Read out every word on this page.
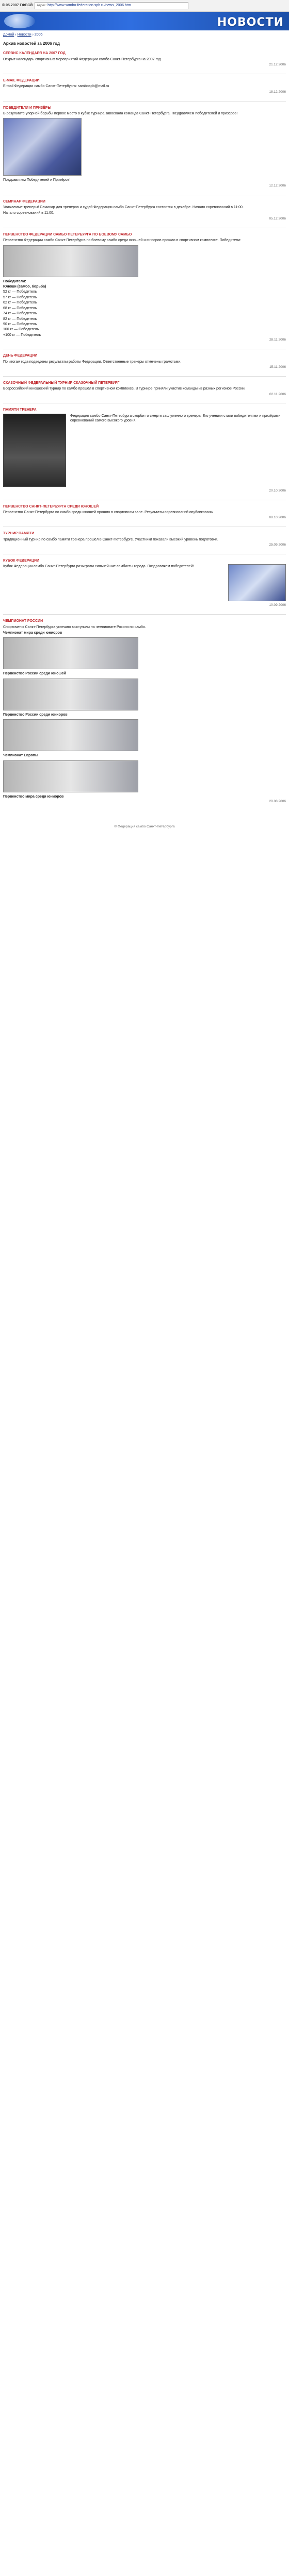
© 05.2007 ГФБСЙ Адрес: http://www.sambo-federation.spb.ru/news_2006.htm
НОВОСТИ
Домой › Новости › 2006
Архив новостей за 2006 год
СЕРВИС КАЛЕНДАРЯ НА 2007 ГОД
Открыт календарь спортивных мероприятий Федерации самбо Санкт-Петербурга на 2007 год.
21.12.2006
E-MAIL ФЕДЕРАЦИИ
E-mail Федерации самбо Санкт-Петербурга: sambospb@mail.ru
18.12.2006
ПОБЕДИТЕЛИ И ПРИЗЁРЫ
В результате упорной борьбы первое место в кубке турнира завоевала команда Санкт-Петербурга. Поздравляем победителей и призёров!
Поздравляем Победителей и Призёров!
12.12.2006
СЕМИНАР ФЕДЕРАЦИИ
Уважаемые тренеры! Семинар для тренеров и судей Федерации самбо Санкт-Петербурга состоится в декабре. Начало соревнований в 11:00.
Начало соревнований в 11:00.
05.12.2006
ПЕРВЕНСТВО ФЕДЕРАЦИИ САМБО ПЕТЕРБУРГА ПО БОЕВОМУ САМБО
Первенство Федерации самбо Санкт-Петербурга по боевому самбо среди юношей и юниоров прошло в спортивном комплексе. Победители:
Победители:
Юноши (самбо, борьба)
52 кг — Победитель
57 кг — Победитель
62 кг — Победитель
68 кг — Победитель
74 кг — Победитель
82 кг — Победитель
90 кг — Победитель
100 кг — Победитель
+100 кг — Победитель
28.11.2006
ДЕНЬ ФЕДЕРАЦИИ
По итогам года подведены результаты работы Федерации. Ответственные тренеры отмечены грамотами.
15.11.2006
СКАЗОЧНЫЙ ФЕДЕРАЛЬНЫЙ ТУРНИР СКАЗОЧНЫЙ ПЕТЕРБУРГ
Всероссийский юношеский турнир по самбо прошёл в спортивном комплексе. В турнире приняли участие команды из разных регионов России.
02.11.2006
ПАМЯТИ ТРЕНЕРА
Федерация самбо Санкт-Петербурга скорбит о смерти заслуженного тренера. Его ученики стали победителями и призёрами соревнований самого высокого уровня.
20.10.2006
ПЕРВЕНСТВО САНКТ-ПЕТЕРБУРГА СРЕДИ ЮНОШЕЙ
Первенство Санкт-Петербурга по самбо среди юношей прошло в спортивном зале. Результаты соревнований опубликованы.
08.10.2006
ТУРНИР ПАМЯТИ
Традиционный турнир по самбо памяти тренера прошёл в Санкт-Петербурге. Участники показали высокий уровень подготовки.
25.09.2006
КУБОК ФЕДЕРАЦИИ
Кубок Федерации самбо Санкт-Петербурга разыграли сильнейшие самбисты города. Поздравляем победителей!
10.09.2006
ЧЕМПИОНАТ РОССИИ
Спортсмены Санкт-Петербурга успешно выступили на чемпионате России по самбо.
Чемпионат мира среди юниоров
Первенство России среди юношей
Первенство России среди юниоров
Чемпионат Европы
Первенство мира среди юниоров
20.08.2006
© Федерация самбо Санкт-Петербурга
